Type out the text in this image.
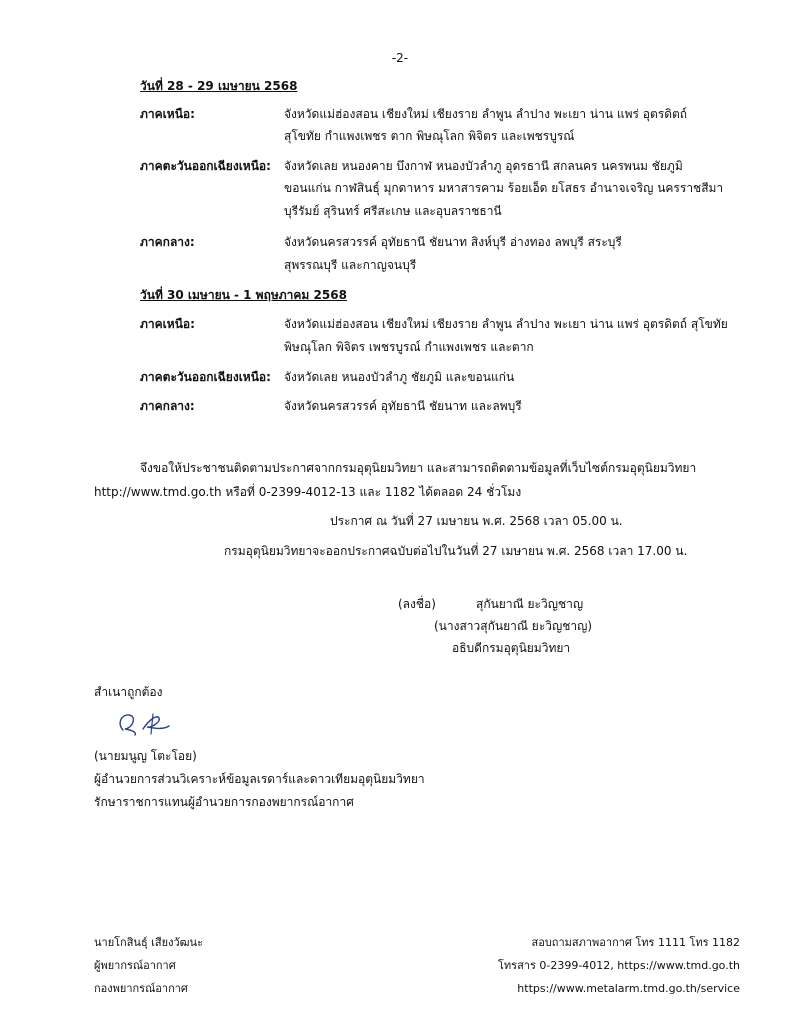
-2-
วันที่ 28 - 29 เมษายน 2568
ภาคเหนือ:	จังหวัดแม่ฮ่องสอน เชียงใหม่ เชียงราย ลำพูน ลำปาง พะเยา น่าน แพร่ อุตรดิตถ์
สุโขทัย กำแพงเพชร ตาก พิษณุโลก พิจิตร และเพชรบูรณ์
ภาคตะวันออกเฉียงเหนือ: จังหวัดเลย หนองคาย บึงกาฬ หนองบัวลำภู อุดรธานี สกลนคร นครพนม ชัยภูมิ
ขอนแก่น กาฬสินธุ์ มุกดาหาร มหาสารคาม ร้อยเอ็ด ยโสธร อำนาจเจริญ นครราชสีมา
บุรีรัมย์ สุรินทร์ ศรีสะเกษ และอุบลราชธานี
ภาคกลาง:	จังหวัดนครสวรรค์ อุทัยธานี ชัยนาท สิงห์บุรี อ่างทอง ลพบุรี สระบุรี
สุพรรณบุรี และกาญจนบุรี
วันที่ 30 เมษายน - 1 พฤษภาคม 2568
ภาคเหนือ:	จังหวัดแม่ฮ่องสอน เชียงใหม่ เชียงราย ลำพูน ลำปาง พะเยา น่าน แพร่ อุตรดิตถ์ สุโขทัย
พิษณุโลก พิจิตร เพชรบูรณ์ กำแพงเพชร และตาก
ภาคตะวันออกเฉียงเหนือ: จังหวัดเลย หนองบัวลำภู ชัยภูมิ และขอนแก่น
ภาคกลาง:	จังหวัดนครสวรรค์ อุทัยธานี ชัยนาท และลพบุรี
จึงขอให้ประชาชนติดตามประกาศจากกรมอุตุนิยมวิทยา และสามารถติดตามข้อมูลที่เว็บไซต์กรมอุตุนิยมวิทยา
http://www.tmd.go.th หรือที่ 0-2399-4012-13 และ 1182 ได้ตลอด 24 ชั่วโมง
ประกาศ ณ วันที่ 27 เมษายน พ.ศ. 2568 เวลา 05.00 น.
กรมอุตุนิยมวิทยาจะออกประกาศฉบับต่อไปในวันที่ 27 เมษายน พ.ศ. 2568 เวลา 17.00 น.
(ลงชื่อ)	สุกันยาณี ยะวิญชาญ
(นางสาวสุกันยาณี ยะวิญชาญ)
อธิบดีกรมอุตุนิยมวิทยา
สำเนาถูกต้อง
(นายมนูญ โตะโอย)
ผู้อำนวยการส่วนวิเคราะห์ข้อมูลเรดาร์และดาวเทียมอุตุนิยมวิทยา
รักษาราชการแทนผู้อำนวยการกองพยากรณ์อากาศ
นายโกสินธุ์ เสียงวัฒนะ
ผู้พยากรณ์อากาศ
กองพยากรณ์อากาศ
สอบถามสภาพอากาศ โทร 1111 โทร 1182
โทรสาร 0-2399-4012, https://www.tmd.go.th
https://www.metalarm.tmd.go.th/service
